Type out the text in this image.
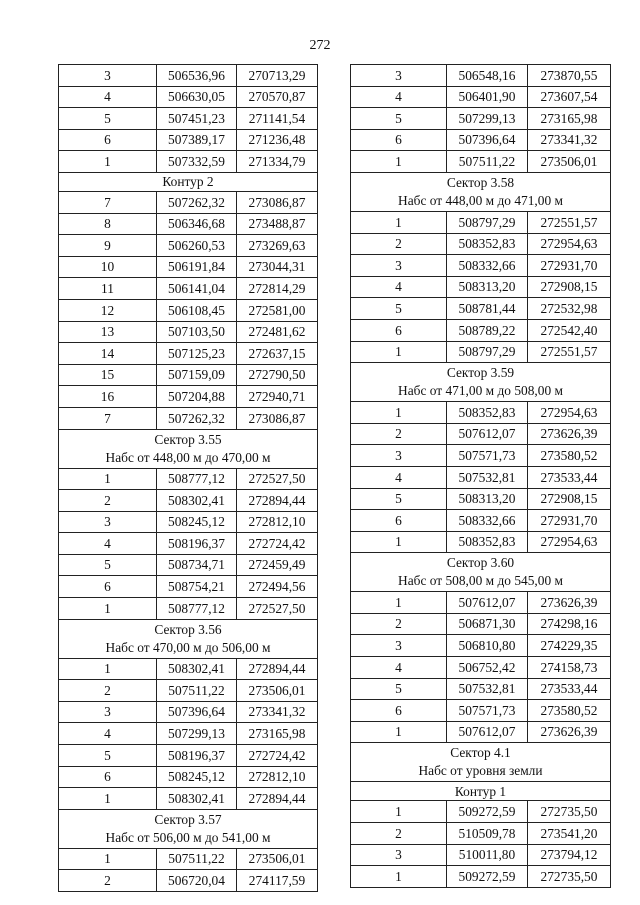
272
3	506536,96	270713,29
4	506630,05	270570,87
5	507451,23	271141,54
6	507389,17	271236,48
1	507332,59	271334,79

Контур 2		

7	507262,32	273086,87
8	506346,68	273488,87
9	506260,53	273269,63
10	506191,84	273044,31
11	506141,04	272814,29
12	506108,45	272581,00
13	507103,50	272481,62
14	507125,23	272637,15
15	507159,09	272790,50
16	507204,88	272940,71
7	507262,32	273086,87

Сектор 3.55
Набс от 448,00 м до 470,00 м		

1	508777,12	272527,50
2	508302,41	272894,44
3	508245,12	272812,10
4	508196,37	272724,42
5	508734,71	272459,49
6	508754,21	272494,56
1	508777,12	272527,50

Сектор 3.56
Набс от 470,00 м до 506,00 м		

1	508302,41	272894,44
2	507511,22	273506,01
3	507396,64	273341,32
4	507299,13	273165,98
5	508196,37	272724,42
6	508245,12	272812,10
1	508302,41	272894,44

Сектор 3.57
Набс от 506,00 м до 541,00 м		

1	507511,22	273506,01
2	506720,04	274117,59
3	506548,16	273870,55
4	506401,90	273607,54
5	507299,13	273165,98
6	507396,64	273341,32
1	507511,22	273506,01

Сектор 3.58
Набс от 448,00 м до 471,00 м		

1	508797,29	272551,57
2	508352,83	272954,63
3	508332,66	272931,70
4	508313,20	272908,15
5	508781,44	272532,98
6	508789,22	272542,40
1	508797,29	272551,57

Сектор 3.59
Набс от 471,00 м до 508,00 м		

1	508352,83	272954,63
2	507612,07	273626,39
3	507571,73	273580,52
4	507532,81	273533,44
5	508313,20	272908,15
6	508332,66	272931,70
1	508352,83	272954,63

Сектор 3.60
Набс от 508,00 м до 545,00 м		

1	507612,07	273626,39
2	506871,30	274298,16
3	506810,80	274229,35
4	506752,42	274158,73
5	507532,81	273533,44
6	507571,73	273580,52
1	507612,07	273626,39

Сектор 4.1
Набс от уровня земли		

Контур 1		

1	509272,59	272735,50
2	510509,78	273541,20
3	510011,80	273794,12
1	509272,59	272735,50
